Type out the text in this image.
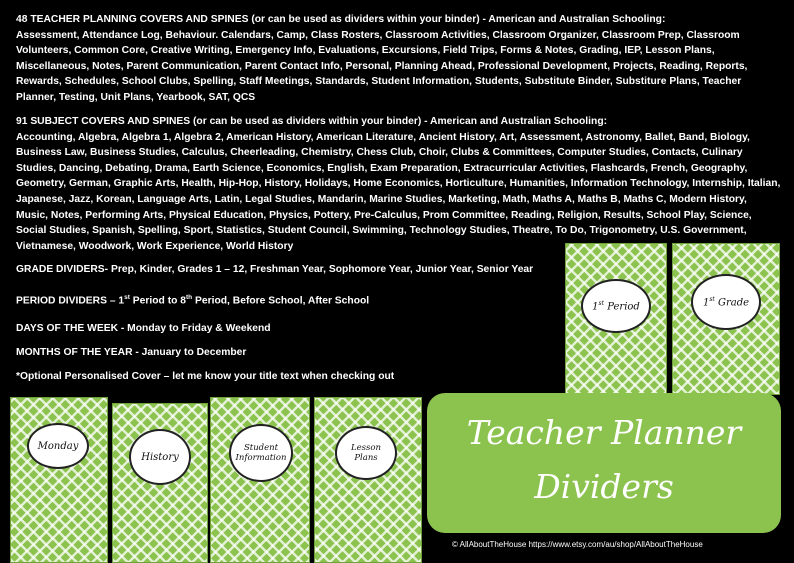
48 TEACHER PLANNING COVERS AND SPINES (or can be used as dividers within your binder) - American and Australian Schooling:
Assessment, Attendance Log, Behaviour. Calendars, Camp, Class Rosters, Classroom Activities, Classroom Organizer, Classroom Prep, Classroom Volunteers, Common Core, Creative Writing, Emergency Info, Evaluations, Excursions, Field Trips, Forms & Notes, Grading, IEP, Lesson Plans, Miscellaneous, Notes, Parent Communication, Parent Contact Info, Personal, Planning Ahead, Professional Development, Projects, Reading, Reports, Rewards, Schedules, School Clubs, Spelling, Staff Meetings, Standards, Student Information, Students, Substitute Binder, Substiture Plans, Teacher Planner, Testing, Unit Plans, Yearbook, SAT, QCS
91 SUBJECT COVERS AND SPINES (or can be used as dividers within your binder) - American and Australian Schooling:
Accounting, Algebra, Algebra 1, Algebra 2, American History, American Literature, Ancient History, Art, Assessment, Astronomy, Ballet, Band, Biology, Business Law, Business Studies, Calculus, Cheerleading, Chemistry, Chess Club, Choir, Clubs & Committees, Computer Studies, Contacts, Culinary Studies, Dancing, Debating, Drama, Earth Science, Economics, English, Exam Preparation, Extracurricular Activities, Flashcards, French, Geography, Geometry, German, Graphic Arts, Health, Hip-Hop, History, Holidays, Home Economics, Horticulture, Humanities, Information Technology, Internship, Italian, Japanese, Jazz, Korean, Language Arts, Latin, Legal Studies, Mandarin, Marine Studies, Marketing, Math, Maths A, Maths B, Maths C, Modern History, Music, Notes, Performing Arts, Physical Education, Physics, Pottery, Pre-Calculus, Prom Committee, Reading, Religion, Results, School Play, Science, Social Studies, Spanish, Spelling, Sport, Statistics, Student Council, Swimming, Technology Studies, Theatre, To Do, Trigonometry, U.S. Government, Vietnamese, Woodwork, Work Experience, World History
GRADE DIVIDERS- Prep, Kinder, Grades 1 – 12, Freshman Year, Sophomore Year, Junior Year, Senior Year
PERIOD DIVIDERS – 1st Period to 8th Period, Before School, After School
DAYS OF THE WEEK - Monday to Friday & Weekend
MONTHS OF THE YEAR - January to December
*Optional Personalised Cover – let me know your title text when checking out
1st Period	1st Grade
Monday
History
Student
Information
Lesson
Plans
Teacher Planner
Dividers
© AllAboutTheHouse https://www.etsy.com/au/shop/AllAboutTheHouse
